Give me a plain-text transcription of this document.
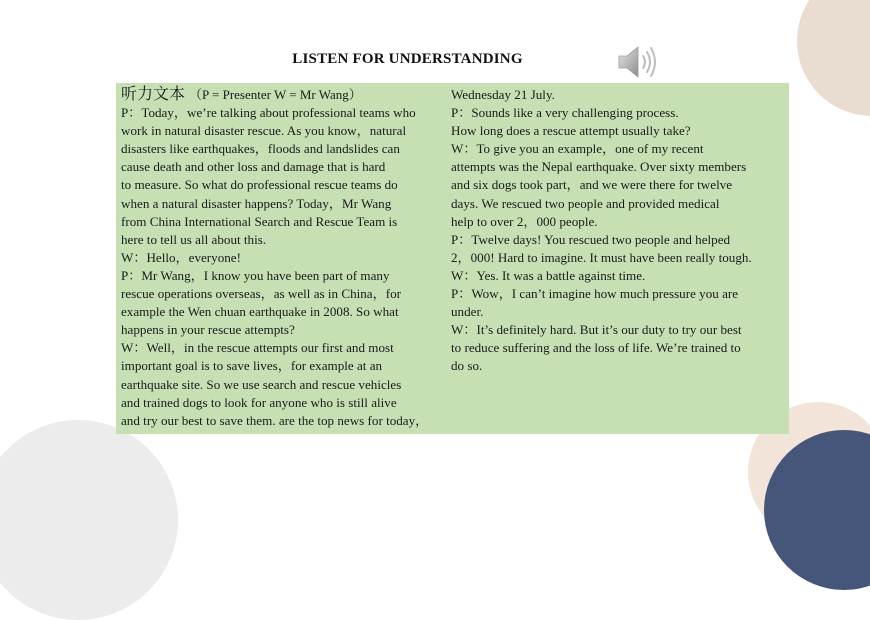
LISTEN FOR UNDERSTANDING
听力文本 （P = Presenter W = Mr Wang）
P：Today，we’re talking about professional teams who
work in natural disaster rescue. As you know，natural
disasters like earthquakes，floods and landslides can
cause death and other loss and damage that is hard
to measure. So what do professional rescue teams do
when a natural disaster happens? Today，Mr Wang
from China International Search and Rescue Team is
here to tell us all about this.
W：Hello，everyone!
P：Mr Wang，I know you have been part of many
rescue operations overseas，as well as in China，for
example the Wen chuan earthquake in 2008. So what
happens in your rescue attempts?
W：Well，in the rescue attempts our first and most
important goal is to save lives，for example at an
earthquake site. So we use search and rescue vehicles
and trained dogs to look for anyone who is still alive
and try our best to save them. are the top news for today，
Wednesday 21 July.
P：Sounds like a very challenging process.
How long does a rescue attempt usually take?
W：To give you an example，one of my recent
attempts was the Nepal earthquake. Over sixty members
and six dogs took part，and we were there for twelve
days. We rescued two people and provided medical
help to over 2，000 people.
P：Twelve days! You rescued two people and helped
2，000! Hard to imagine. It must have been really tough.
W：Yes. It was a battle against time.
P：Wow，I can’t imagine how much pressure you are
under.
W：It’s definitely hard. But it’s our duty to try our best
to reduce suffering and the loss of life. We’re trained to
do so.
